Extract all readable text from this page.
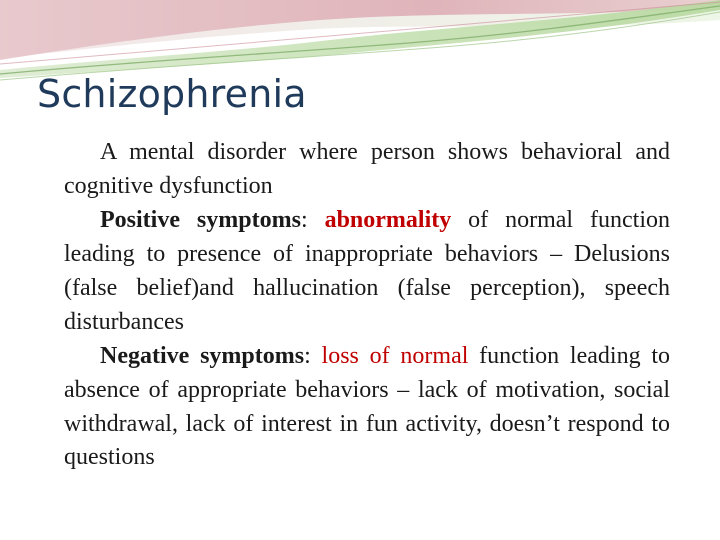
Schizophrenia

A mental disorder where person shows behavioral and cognitive dysfunction

Positive symptoms: abnormality of normal function leading to presence of inappropriate behaviors – Delusions (false belief)and hallucination (false perception), speech disturbances

Negative symptoms: loss of normal function leading to absence of appropriate behaviors – lack of motivation, social withdrawal, lack of interest in fun activity, doesn’t respond to questions
